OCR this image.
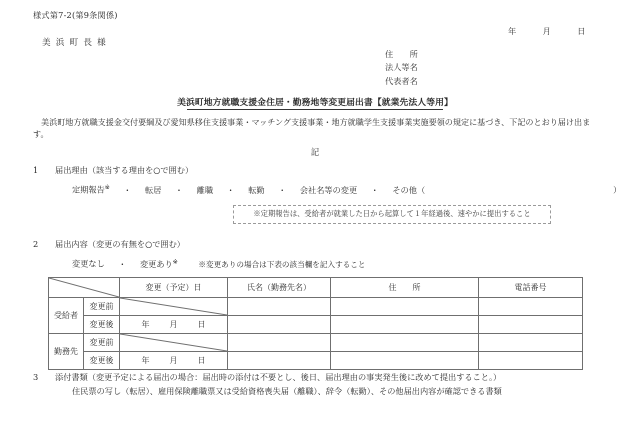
様式第7-2(第9条関係)
年	月	日
美浜町長様
住　　所
法人等名
代表者名
美浜町地方就職支援金住居・勤務地等変更届出書【就業先法人等用】
美浜町地方就職支援金交付要綱及び愛知県移住支援事業・マッチング支援事業・地方就職学生支援事業実施要領の規定に基づき、下記のとおり届け出ます。
記
1 届出理由（該当する理由を○で囲む）
定期報告※ ・ 転居 ・ 離職 ・ 転勤 ・ 会社名等の変更 ・ その他（	）
※定期報告は、受給者が就業した日から起算して１年経過後、速やかに提出すること
2 届出内容（変更の有無を○で囲む）
変更なし ・ 変更あり※	※変更ありの場合は下表の該当欄を記入すること
	変更（予定）日	氏名（勤務先名）	住　　所	電話番号
受給者	変更前	

	変更後	年 月 日			
勤務先	変更前	

	変更後	年 月 日			
3 添付書類（変更予定による届出の場合：届出時の添付は不要とし、後日、届出理由の事実発生後に改めて提出すること。）
住民票の写し（転居）、雇用保険離職票又は受給資格喪失届（離職）、辞令（転勤）、その他届出内容が確認できる書類
